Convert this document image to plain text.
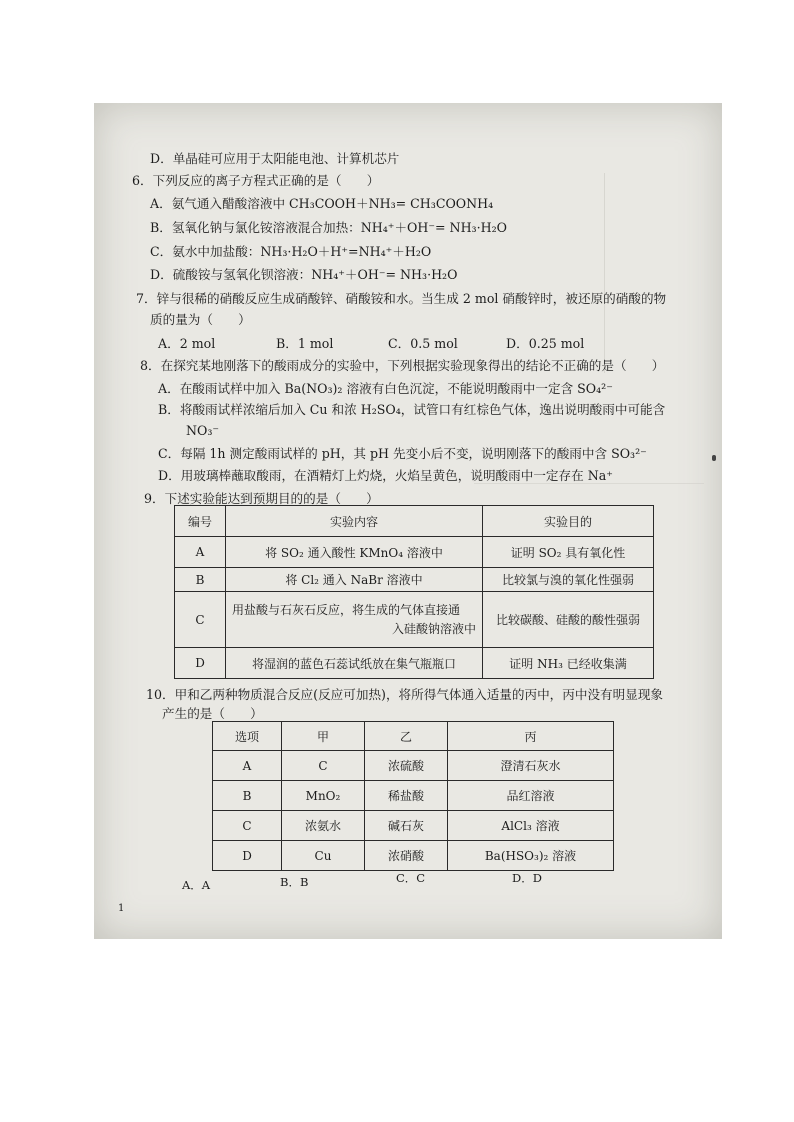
D．单晶硅可应用于太阳能电池、计算机芯片
6．下列反应的离子方程式正确的是（　　）
A．氨气通入醋酸溶液中 CH₃COOH＋NH₃= CH₃COONH₄
B．氢氧化钠与氯化铵溶液混合加热：NH₄⁺＋OH⁻= NH₃·H₂O
C．氨水中加盐酸：NH₃·H₂O＋H⁺=NH₄⁺＋H₂O
D．硫酸铵与氢氧化钡溶液：NH₄⁺＋OH⁻= NH₃·H₂O
7．锌与很稀的硝酸反应生成硝酸锌、硝酸铵和水。当生成 2 mol 硝酸锌时，被还原的硝酸的物
质的量为（　　）
A．2 mol	B．1 mol	C．0.5 mol	D．0.25 mol
8．在探究某地刚落下的酸雨成分的实验中，下列根据实验现象得出的结论不正确的是（　　）
A．在酸雨试样中加入 Ba(NO₃)₂ 溶液有白色沉淀，不能说明酸雨中一定含 SO₄²⁻
B．将酸雨试样浓缩后加入 Cu 和浓 H₂SO₄，试管口有红棕色气体，逸出说明酸雨中可能含
NO₃⁻
C．每隔 1h 测定酸雨试样的 pH，其 pH 先变小后不变，说明刚落下的酸雨中含 SO₃²⁻
D．用玻璃棒蘸取酸雨，在酒精灯上灼烧，火焰呈黄色，说明酸雨中一定存在 Na⁺
9．下述实验能达到预期目的的是（　　）
编号	实验内容	实验目的
A	将 SO₂ 通入酸性 KMnO₄ 溶液中	证明 SO₂ 具有氧化性
B	将 Cl₂ 通入 NaBr 溶液中	比较氯与溴的氧化性强弱
C	用盐酸与石灰石反应，将生成的气体直接通
入硅酸钠溶液中	比较碳酸、硅酸的酸性强弱
D	将湿润的蓝色石蕊试纸放在集气瓶瓶口	证明 NH₃ 已经收集满
10．甲和乙两种物质混合反应(反应可加热)，将所得气体通入适量的丙中，丙中没有明显现象
产生的是（　　）
选项	甲	乙	丙
A	C	浓硫酸	澄清石灰水
B	MnO₂	稀盐酸	品红溶液
C	浓氨水	碱石灰	AlCl₃ 溶液
D	Cu	浓硝酸	Ba(HSO₃)₂ 溶液
A．A	B．B	C．C	D．D
1
